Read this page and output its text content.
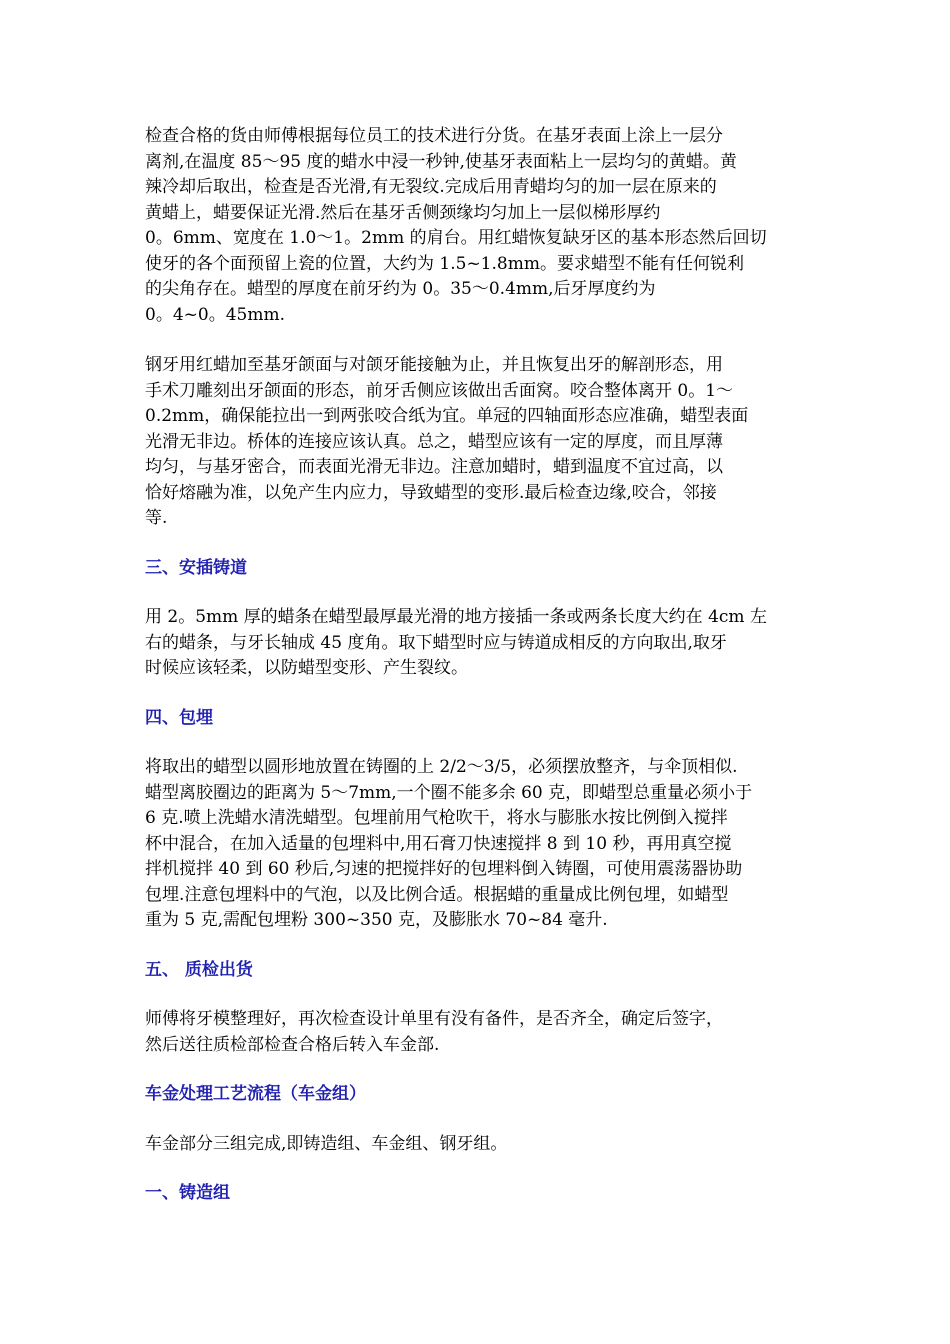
检查合格的货由师傅根据每位员工的技术进行分货。在基牙表面上涂上一层分
离剂,在温度 85～95 度的蜡水中浸一秒钟,使基牙表面粘上一层均匀的黄蜡。黄
辣冷却后取出，检查是否光滑,有无裂纹.完成后用青蜡均匀的加一层在原来的
黄蜡上，蜡要保证光滑.然后在基牙舌侧颈缘均匀加上一层似梯形厚约
0。6mm、宽度在 1.0～1。2mm 的肩台。用红蜡恢复缺牙区的基本形态然后回切
使牙的各个面预留上瓷的位置，大约为 1.5~1.8mm。要求蜡型不能有任何锐利
的尖角存在。蜡型的厚度在前牙约为 0。35～0.4mm,后牙厚度约为
0。4~0。45mm.

钢牙用红蜡加至基牙颌面与对颌牙能接触为止，并且恢复出牙的解剖形态，用
手术刀雕刻出牙颌面的形态，前牙舌侧应该做出舌面窝。咬合整体离开 0。1～
0.2mm，确保能拉出一到两张咬合纸为宜。单冠的四轴面形态应准确，蜡型表面
光滑无非边。桥体的连接应该认真。总之，蜡型应该有一定的厚度，而且厚薄
均匀，与基牙密合，而表面光滑无非边。注意加蜡时，蜡到温度不宜过高，以
恰好熔融为准，以免产生内应力，导致蜡型的变形.最后检查边缘,咬合，邻接
等.

三、安插铸道

用 2。5mm 厚的蜡条在蜡型最厚最光滑的地方接插一条或两条长度大约在 4cm 左
右的蜡条，与牙长轴成 45 度角。取下蜡型时应与铸道成相反的方向取出,取牙
时候应该轻柔，以防蜡型变形、产生裂纹。

四、包埋

将取出的蜡型以圆形地放置在铸圈的上 2/2～3/5，必须摆放整齐，与伞顶相似.
蜡型离胶圈边的距离为 5～7mm,一个圈不能多余 60 克，即蜡型总重量必须小于
6 克.喷上洗蜡水清洗蜡型。包埋前用气枪吹干，将水与膨胀水按比例倒入搅拌
杯中混合，在加入适量的包埋料中,用石膏刀快速搅拌 8 到 10 秒，再用真空搅
拌机搅拌 40 到 60 秒后,匀速的把搅拌好的包埋料倒入铸圈，可使用震荡器协助
包埋.注意包埋料中的气泡，以及比例合适。根据蜡的重量成比例包埋，如蜡型
重为 5 克,需配包埋粉 300~350 克，及膨胀水 70~84 毫升.

五、 质检出货

师傅将牙模整理好，再次检查设计单里有没有备件，是否齐全，确定后签字，
然后送往质检部检查合格后转入车金部.

车金处理工艺流程（车金组）

车金部分三组完成,即铸造组、车金组、钢牙组。

一、铸造组
